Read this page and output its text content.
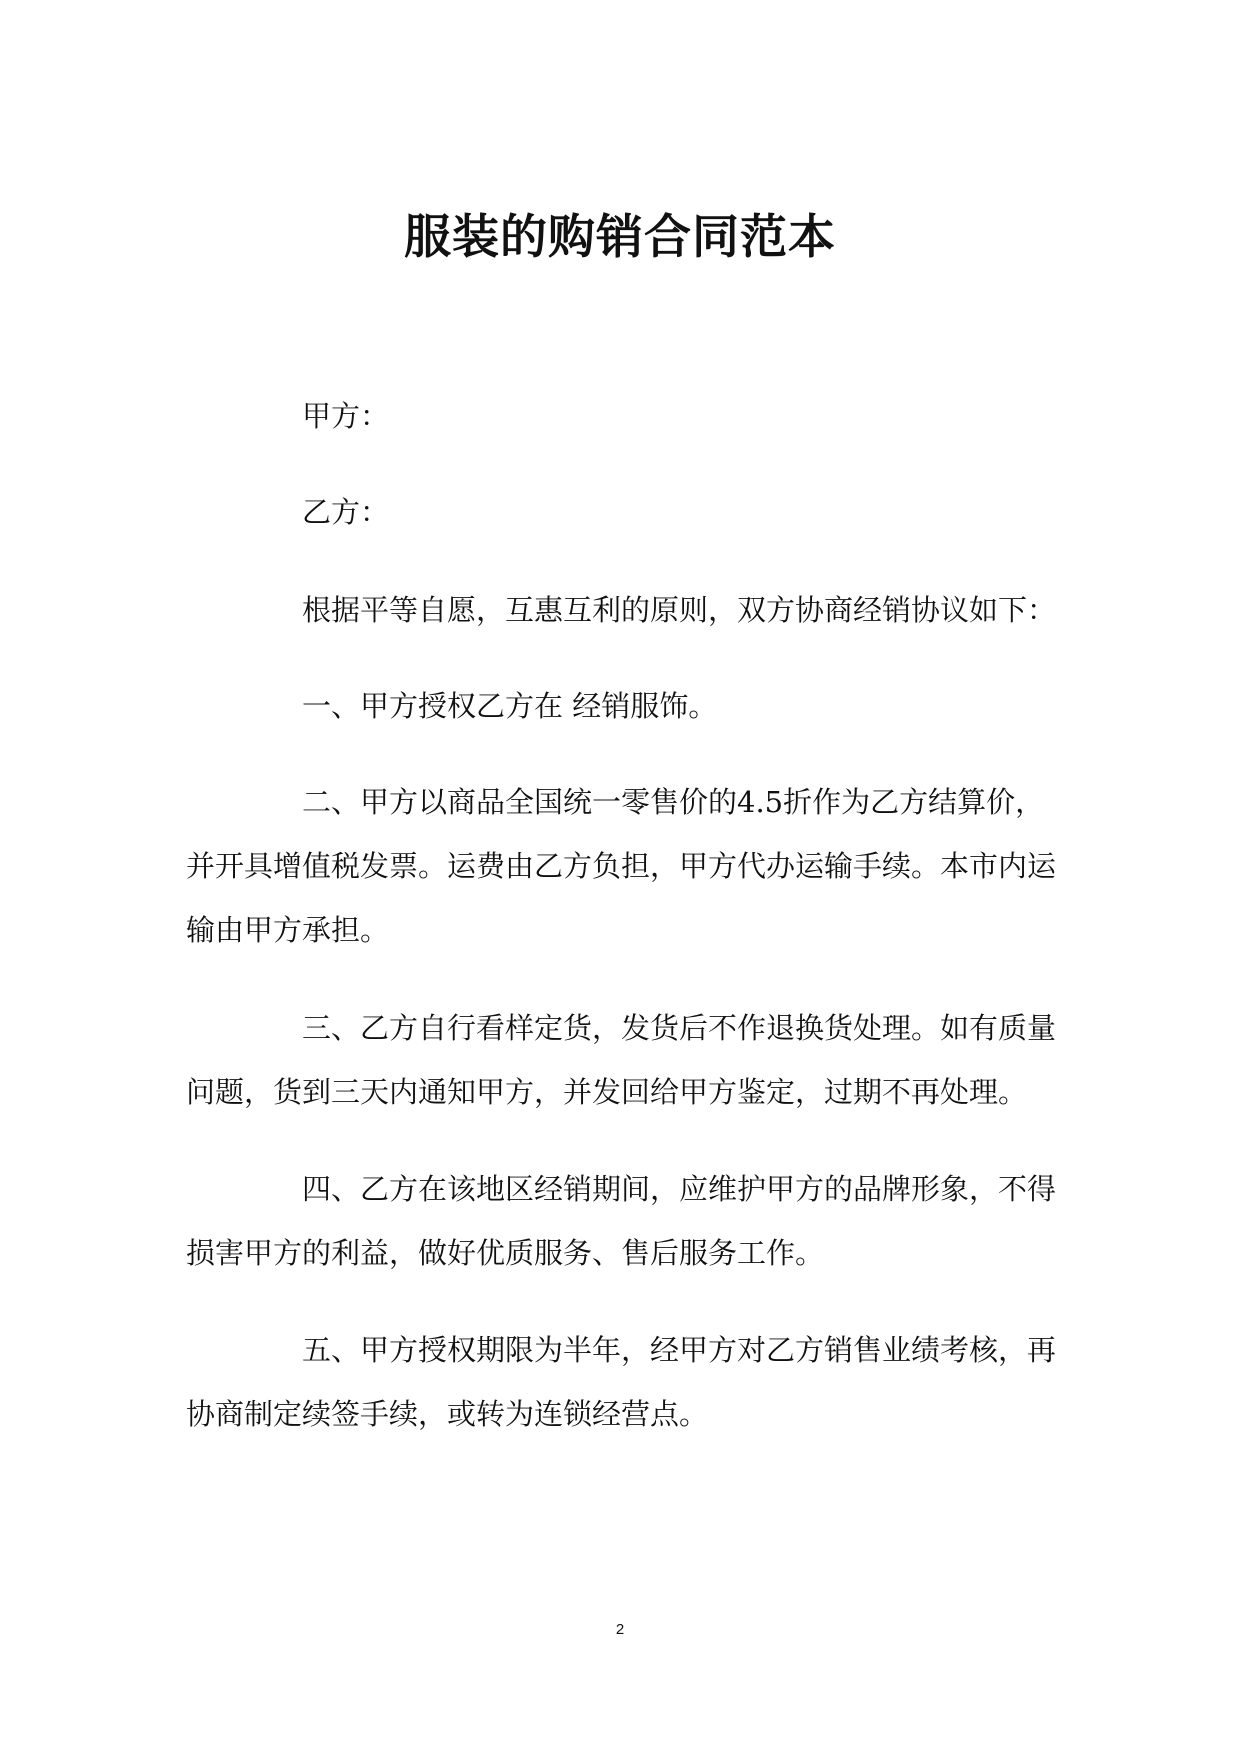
服装的购销合同范本

甲方：

乙方：

根据平等自愿，互惠互利的原则，双方协商经销协议如下：

一、甲方授权乙方在 经销服饰。

二、甲方以商品全国统一零售价的4.5折作为乙方结算价，并开具增值税发票。运费由乙方负担，甲方代办运输手续。本市内运输由甲方承担。

三、乙方自行看样定货，发货后不作退换货处理。如有质量问题，货到三天内通知甲方，并发回给甲方鉴定，过期不再处理。

四、乙方在该地区经销期间，应维护甲方的品牌形象，不得损害甲方的利益，做好优质服务、售后服务工作。

五、甲方授权期限为半年，经甲方对乙方销售业绩考核，再协商制定续签手续，或转为连锁经营点。

2
